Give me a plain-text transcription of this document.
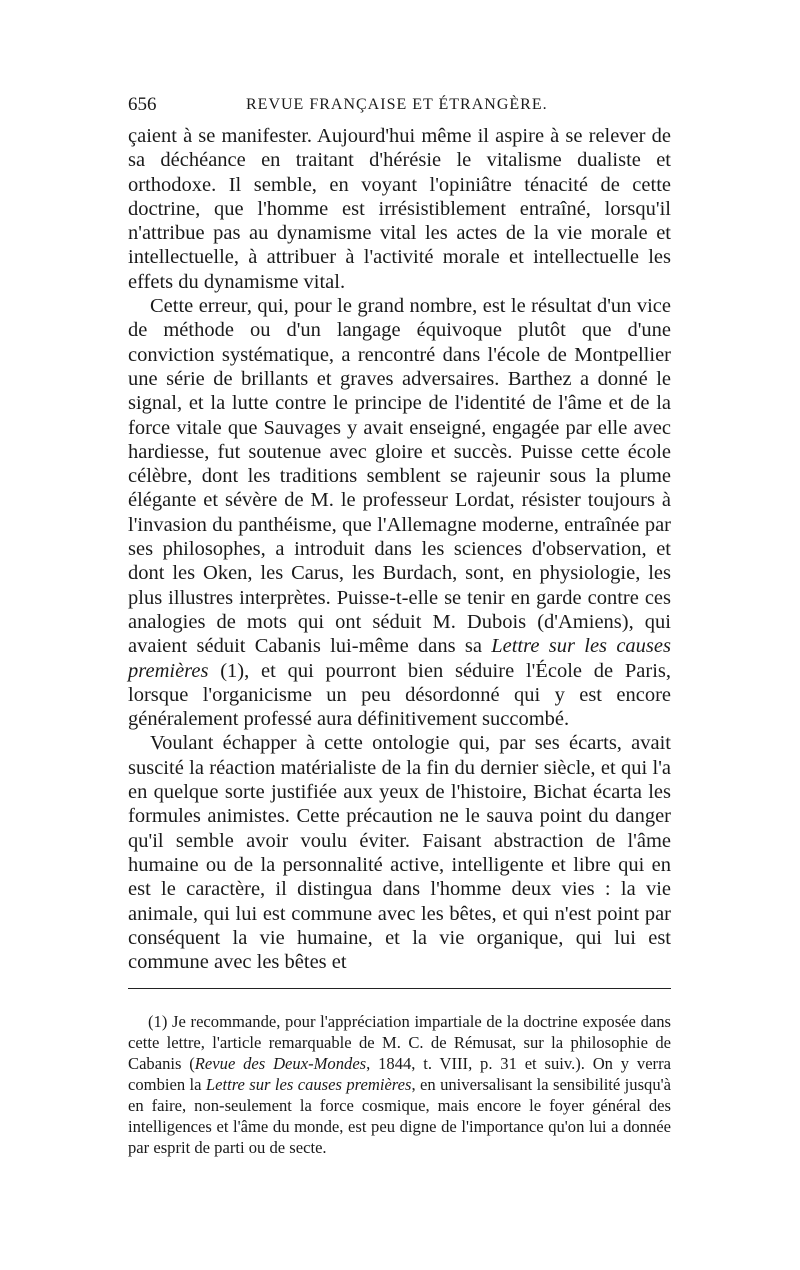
656	REVUE FRANÇAISE ET ÉTRANGÈRE.

çaient à se manifester. Aujourd'hui même il aspire à se relever de sa déchéance en traitant d'hérésie le vitalisme dualiste et orthodoxe. Il semble, en voyant l'opiniâtre ténacité de cette doctrine, que l'homme est irrésistiblement entraîné, lorsqu'il n'attribue pas au dynamisme vital les actes de la vie morale et intellectuelle, à attribuer à l'activité morale et intellectuelle les effets du dynamisme vital.

Cette erreur, qui, pour le grand nombre, est le résultat d'un vice de méthode ou d'un langage équivoque plutôt que d'une conviction systématique, a rencontré dans l'école de Montpellier une série de brillants et graves adversaires. Barthez a donné le signal, et la lutte contre le principe de l'identité de l'âme et de la force vitale que Sauvages y avait enseigné, engagée par elle avec hardiesse, fut soutenue avec gloire et succès. Puisse cette école célèbre, dont les traditions semblent se rajeunir sous la plume élégante et sévère de M. le professeur Lordat, résister toujours à l'invasion du panthéisme, que l'Allemagne moderne, entraînée par ses philosophes, a introduit dans les sciences d'observation, et dont les Oken, les Carus, les Burdach, sont, en physiologie, les plus illustres interprètes. Puisse-t-elle se tenir en garde contre ces analogies de mots qui ont séduit M. Dubois (d'Amiens), qui avaient séduit Cabanis lui-même dans sa Lettre sur les causes premières (1), et qui pourront bien séduire l'École de Paris, lorsque l'organicisme un peu désordonné qui y est encore généralement professé aura définitivement succombé.

Voulant échapper à cette ontologie qui, par ses écarts, avait suscité la réaction matérialiste de la fin du dernier siècle, et qui l'a en quelque sorte justifiée aux yeux de l'histoire, Bichat écarta les formules animistes. Cette précaution ne le sauva point du danger qu'il semble avoir voulu éviter. Faisant abstraction de l'âme humaine ou de la personnalité active, intelligente et libre qui en est le caractère, il distingua dans l'homme deux vies : la vie animale, qui lui est commune avec les bêtes, et qui n'est point par conséquent la vie humaine, et la vie organique, qui lui est commune avec les bêtes et

(1) Je recommande, pour l'appréciation impartiale de la doctrine exposée dans cette lettre, l'article remarquable de M. C. de Rémusat, sur la philosophie de Cabanis (Revue des Deux-Mondes, 1844, t. VIII, p. 31 et suiv.). On y verra combien la Lettre sur les causes premières, en universalisant la sensibilité jusqu'à en faire, non-seulement la force cosmique, mais encore le foyer général des intelligences et l'âme du monde, est peu digne de l'importance qu'on lui a donnée par esprit de parti ou de secte.
